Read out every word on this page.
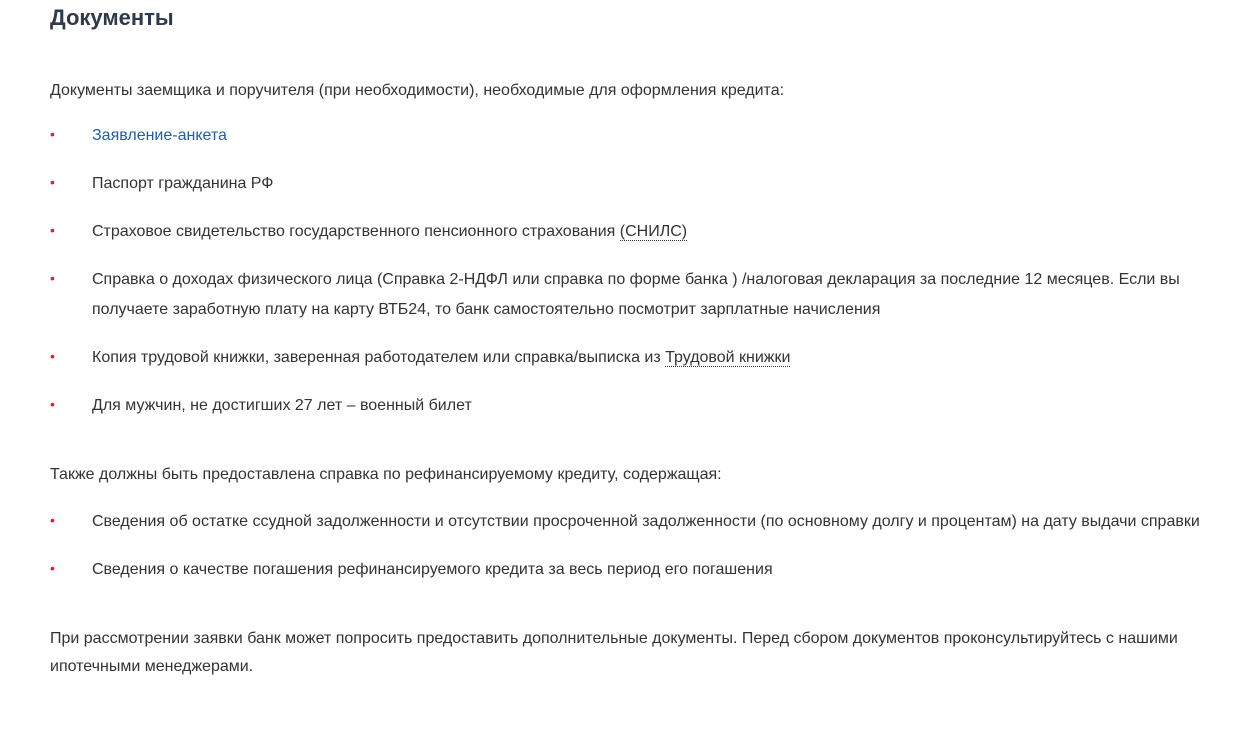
Документы

Документы заемщика и поручителя (при необходимости), необходимые для оформления кредита:

•	Заявление-анкета
•	Паспорт гражданина РФ
•	Страховое свидетельство государственного пенсионного страхования (СНИЛС)
•	Справка о доходах физического лица (Справка 2-НДФЛ или справка по форме банка ) /налоговая декларация за последние 12 месяцев. Если вы получаете заработную плату на карту ВТБ24, то банк самостоятельно посмотрит зарплатные начисления
•	Копия трудовой книжки, заверенная работодателем или справка/выписка из Трудовой книжки
•	Для мужчин, не достигших 27 лет – военный билет

Также должны быть предоставлена справка по рефинансируемому кредиту, содержащая:

•	Сведения об остатке ссудной задолженности и отсутствии просроченной задолженности (по основному долгу и процентам) на дату выдачи справки
•	Сведения о качестве погашения рефинансируемого кредита за весь период его погашения

При рассмотрении заявки банк может попросить предоставить дополнительные документы. Перед сбором документов проконсультируйтесь с нашими ипотечными менеджерами.
